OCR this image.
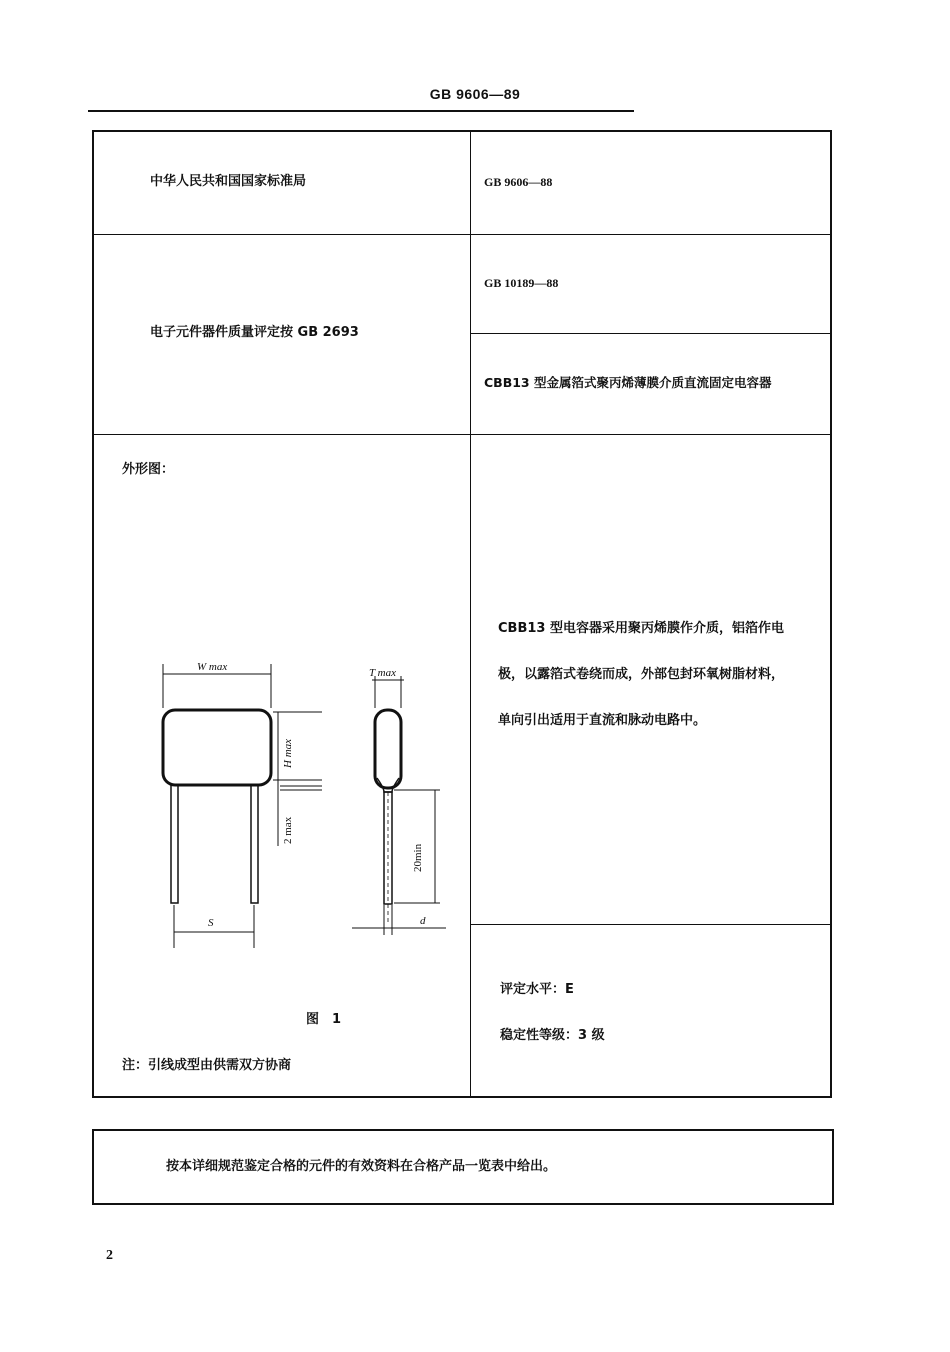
GB 9606—89
中华人民共和国国家标准局	GB 9606—88
电子元件器件质量评定按 GB 2693
GB 10189—88
CBB13 型金属箔式聚丙烯薄膜介质直流固定电容器
外形图：
CBB13 型电容器采用聚丙烯膜作介质，铝箔作电
极，以露箔式卷绕而成，外部包封环氧树脂材料，
单向引出适用于直流和脉动电路中。
评定水平：E
稳定性等级：3 级
图　1
注：引线成型由供需双方协商
W max	T max
S	d
H max
2 max
20min
按本详细规范鉴定合格的元件的有效资料在合格产品一览表中给出。
2
